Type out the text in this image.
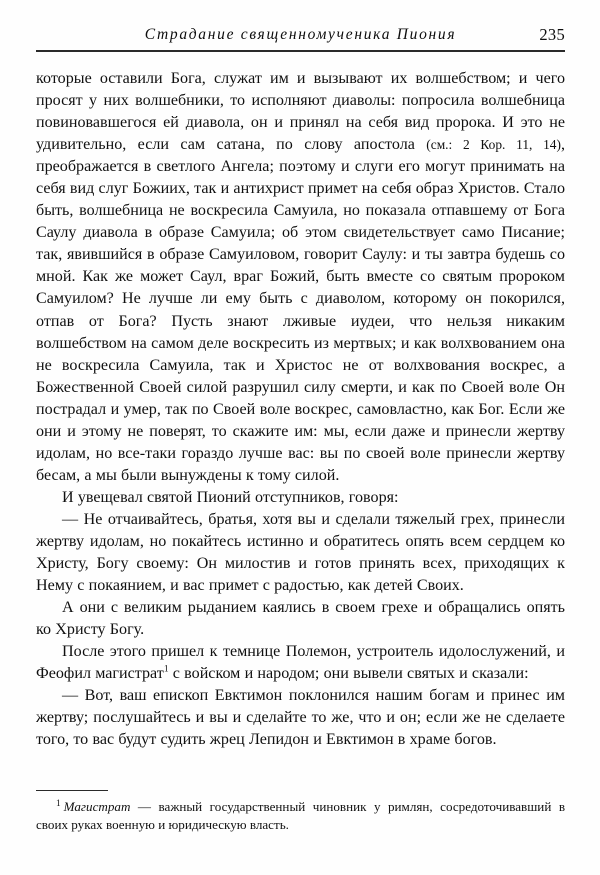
Страдание священномученика Пиония	235

которые оставили Бога, служат им и вызывают их волшебством; и чего просят у них волшебники, то исполняют диаволы: попросила волшебница повиновавшегося ей диавола, он и принял на себя вид пророка. И это не удивительно, если сам сатана, по слову апостола (см.: 2 Кор. 11, 14), преображается в светлого Ангела; поэтому и слуги его могут принимать на себя вид слуг Божиих, так и антихрист примет на себя образ Христов. Стало быть, волшебница не воскресила Самуила, но показала отпавшему от Бога Саулу диавола в образе Самуила; об этом свидетельствует само Писание; так, явившийся в образе Самуиловом, говорит Саулу: и ты завтра будешь со мной. Как же может Саул, враг Божий, быть вместе со святым пророком Самуилом? Не лучше ли ему быть с диаволом, которому он покорился, отпав от Бога? Пусть знают лживые иудеи, что нельзя никаким волшебством на самом деле воскресить из мертвых; и как волхвованием она не воскресила Самуила, так и Христос не от волхвования воскрес, а Божественной Своей силой разрушил силу смерти, и как по Своей воле Он пострадал и умер, так по Своей воле воскрес, самовластно, как Бог. Если же они и этому не поверят, то скажите им: мы, если даже и принесли жертву идолам, но все-таки гораздо лучше вас: вы по своей воле принесли жертву бесам, а мы были вынуждены к тому силой.

И увещевал святой Пионий отступников, говоря:

— Не отчаивайтесь, братья, хотя вы и сделали тяжелый грех, принесли жертву идолам, но покайтесь истинно и обратитесь опять всем сердцем ко Христу, Богу своему: Он милостив и готов принять всех, приходящих к Нему с покаянием, и вас примет с радостью, как детей Своих.

А они с великим рыданием каялись в своем грехе и обращались опять ко Христу Богу.

После этого пришел к темнице Полемон, устроитель идолослужений, и Феофил магистрат$^1$ с войском и народом; они вывели святых и сказали:

— Вот, ваш епископ Евктимон поклонился нашим богам и принес им жертву; послушайтесь и вы и сделайте то же, что и он; если же не сделаете того, то вас будут судить жрец Лепидон и Евктимон в храме богов.

$^1$ Магистрат — важный государственный чиновник у римлян, сосредоточивавший в своих руках военную и юридическую власть.
